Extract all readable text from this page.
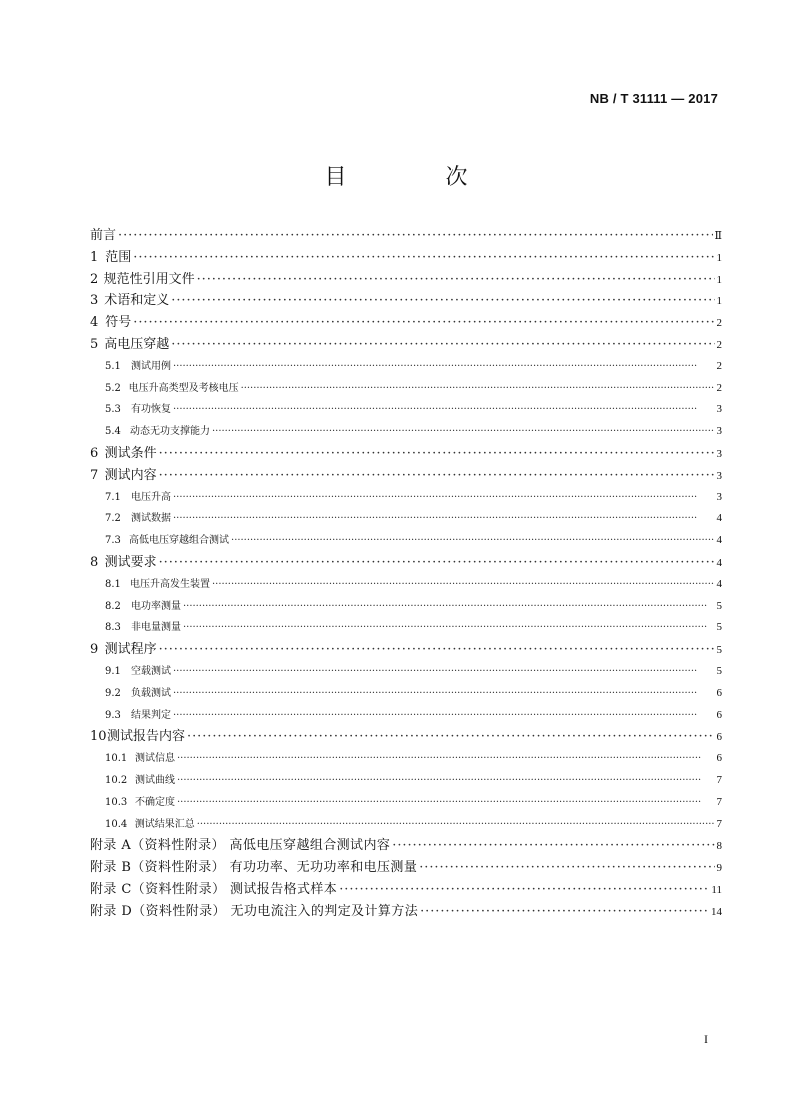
NB / T 31111 — 2017
目 次
前言 · · ·	Ⅱ
1 范围 · · ·	1
2 规范性引用文件 · · ·	1
3 术语和定义 · · ·	1
4 符号 · · ·	2
5 高电压穿越 · · ·	2
5.1	测试用例 · · ·	2
5.2 电压升高类型及考核电压 · · ·	2
5.3	有功恢复 · · ·	3
5.4 动态无功支撑能力 · · ·	3
6 测试条件 · · ·	3
7 测试内容 · · ·	3
7.1	电压升高 · · ·	3
7.2	测试数据 · · ·	4
7.3 高低电压穿越组合测试 · · ·	4
8 测试要求 · · ·	4
8.1 电压升高发生装置 · · ·	4
8.2	电功率测量 · · ·	5
8.3	非电量测量 · · ·	5
9 测试程序 · · ·	5
9.1	空载测试 · · ·	5
9.2	负载测试 · · ·	6
9.3	结果判定 · · ·	6
10 测试报告内容 · · ·	6
10.1 测试信息 · · ·	6
10.2 测试曲线 · · ·	7
10.3 不确定度 · · ·	7
10.4 测试结果汇总 · · ·	7
附录 A（资料性附录） 高低电压穿越组合测试内容 · · ·	8
附录 B（资料性附录） 有功功率、无功功率和电压测量 · · ·	9
附录 C（资料性附录） 测试报告格式样本 · · ·	11
附录 D（资料性附录） 无功电流注入的判定及计算方法 · · ·	14
I
